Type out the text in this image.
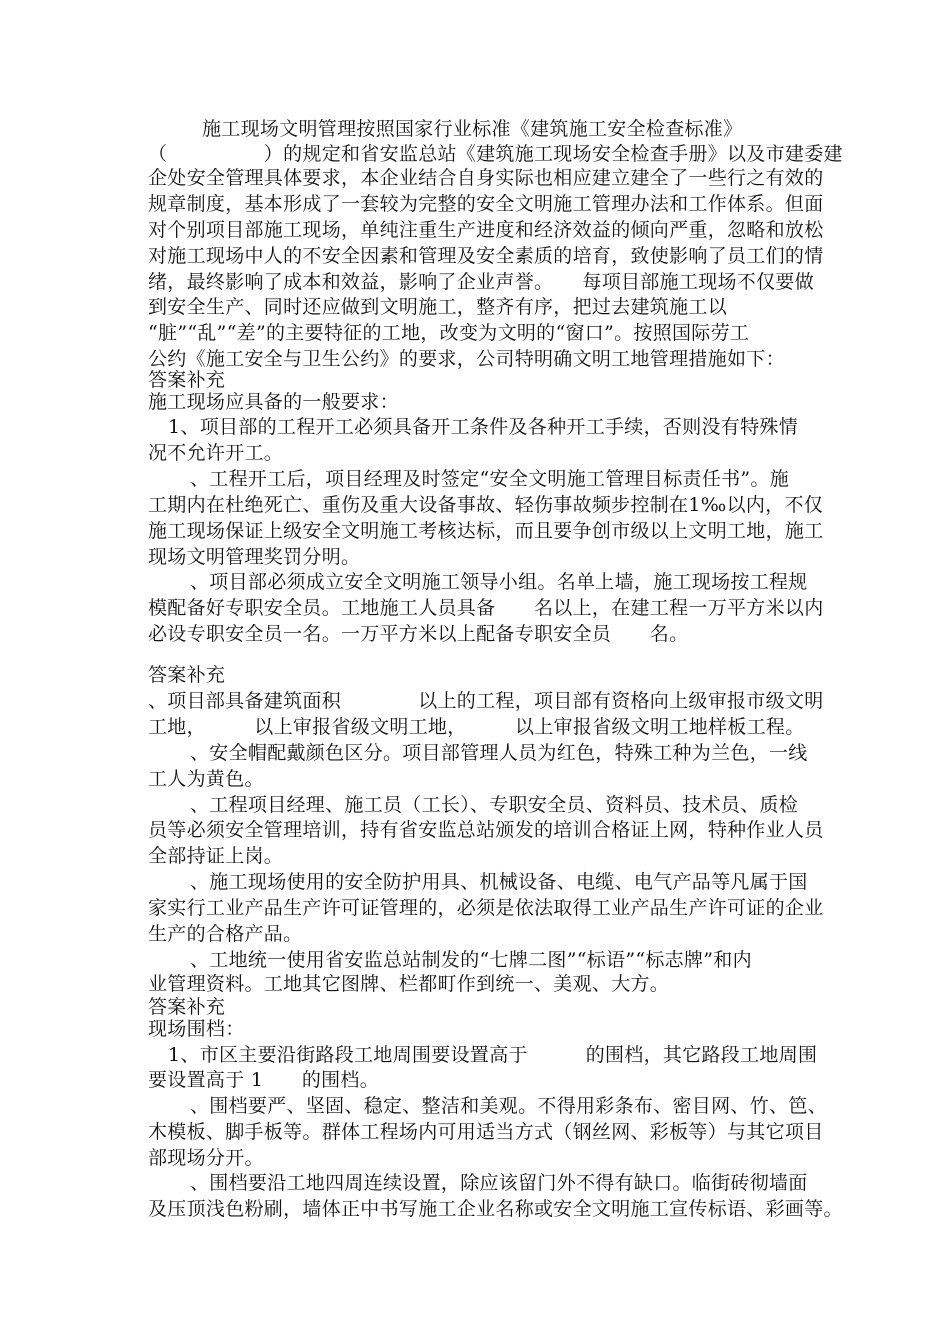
施工现场文明管理按照国家行业标准《建筑施工安全检查标准》
（　　　　　）的规定和省安监总站《建筑施工现场安全检查手册》以及市建委建
企处安全管理具体要求，本企业结合自身实际也相应建立建全了一些行之有效的
规章制度，基本形成了一套较为完整的安全文明施工管理办法和工作体系。但面
对个别项目部施工现场，单纯注重生产进度和经济效益的倾向严重，忽略和放松
对施工现场中人的不安全因素和管理及安全素质的培育，致使影响了员工们的情
绪，最终影响了成本和效益，影响了企业声誉。　　每项目部施工现场不仅要做
到安全生产、同时还应做到文明施工，整齐有序，把过去建筑施工以
“脏”“乱”“差”的主要特征的工地，改变为文明的“窗口”。按照国际劳工
公约《施工安全与卫生公约》的要求，公司特明确文明工地管理措施如下：
答案补充
施工现场应具备的一般要求：
1、项目部的工程开工必须具备开工条件及各种开工手续，否则没有特殊情
况不允许开工。
、工程开工后，项目经理及时签定“安全文明施工管理目标责任书”。施
工期内在杜绝死亡、重伤及重大设备事故、轻伤事故频步控制在1‰以内，不仅
施工现场保证上级安全文明施工考核达标，而且要争创市级以上文明工地，施工
现场文明管理奖罚分明。
、项目部必须成立安全文明施工领导小组。名单上墙，施工现场按工程规
模配备好专职安全员。工地施工人员具备　　名以上，在建工程一万平方米以内
必设专职安全员一名。一万平方米以上配备专职安全员　　名。
答案补充
、项目部具备建筑面积　　　　以上的工程，项目部有资格向上级审报市级文明
工地，　　　以上审报省级文明工地，　　　以上审报省级文明工地样板工程。
、安全帽配戴颜色区分。项目部管理人员为红色，特殊工种为兰色，一线
工人为黄色。
、工程项目经理、施工员（工长）、专职安全员、资料员、技术员、质检
员等必须安全管理培训，持有省安监总站颁发的培训合格证上网，特种作业人员
全部持证上岗。
、施工现场使用的安全防护用具、机械设备、电缆、电气产品等凡属于国
家实行工业产品生产许可证管理的，必须是依法取得工业产品生产许可证的企业
生产的合格产品。
、工地统一使用省安监总站制发的“七牌二图”“标语”“标志牌”和内
业管理资料。工地其它图牌、栏都町作到统一、美观、大方。
答案补充
现场围档：
1、市区主要沿街路段工地周围要设置高于　　　的围档，其它路段工地周围
要设置高于 1　　的围档。
、围档要严、坚固、稳定、整洁和美观。不得用彩条布、密目网、竹、笆、
木模板、脚手板等。群体工程场内可用适当方式（钢丝网、彩板等）与其它项目
部现场分开。
、围档要沿工地四周连续设置，除应该留门外不得有缺口。临街砖彻墙面
及压顶浅色粉刷，墙体正中书写施工企业名称或安全文明施工宣传标语、彩画等。
